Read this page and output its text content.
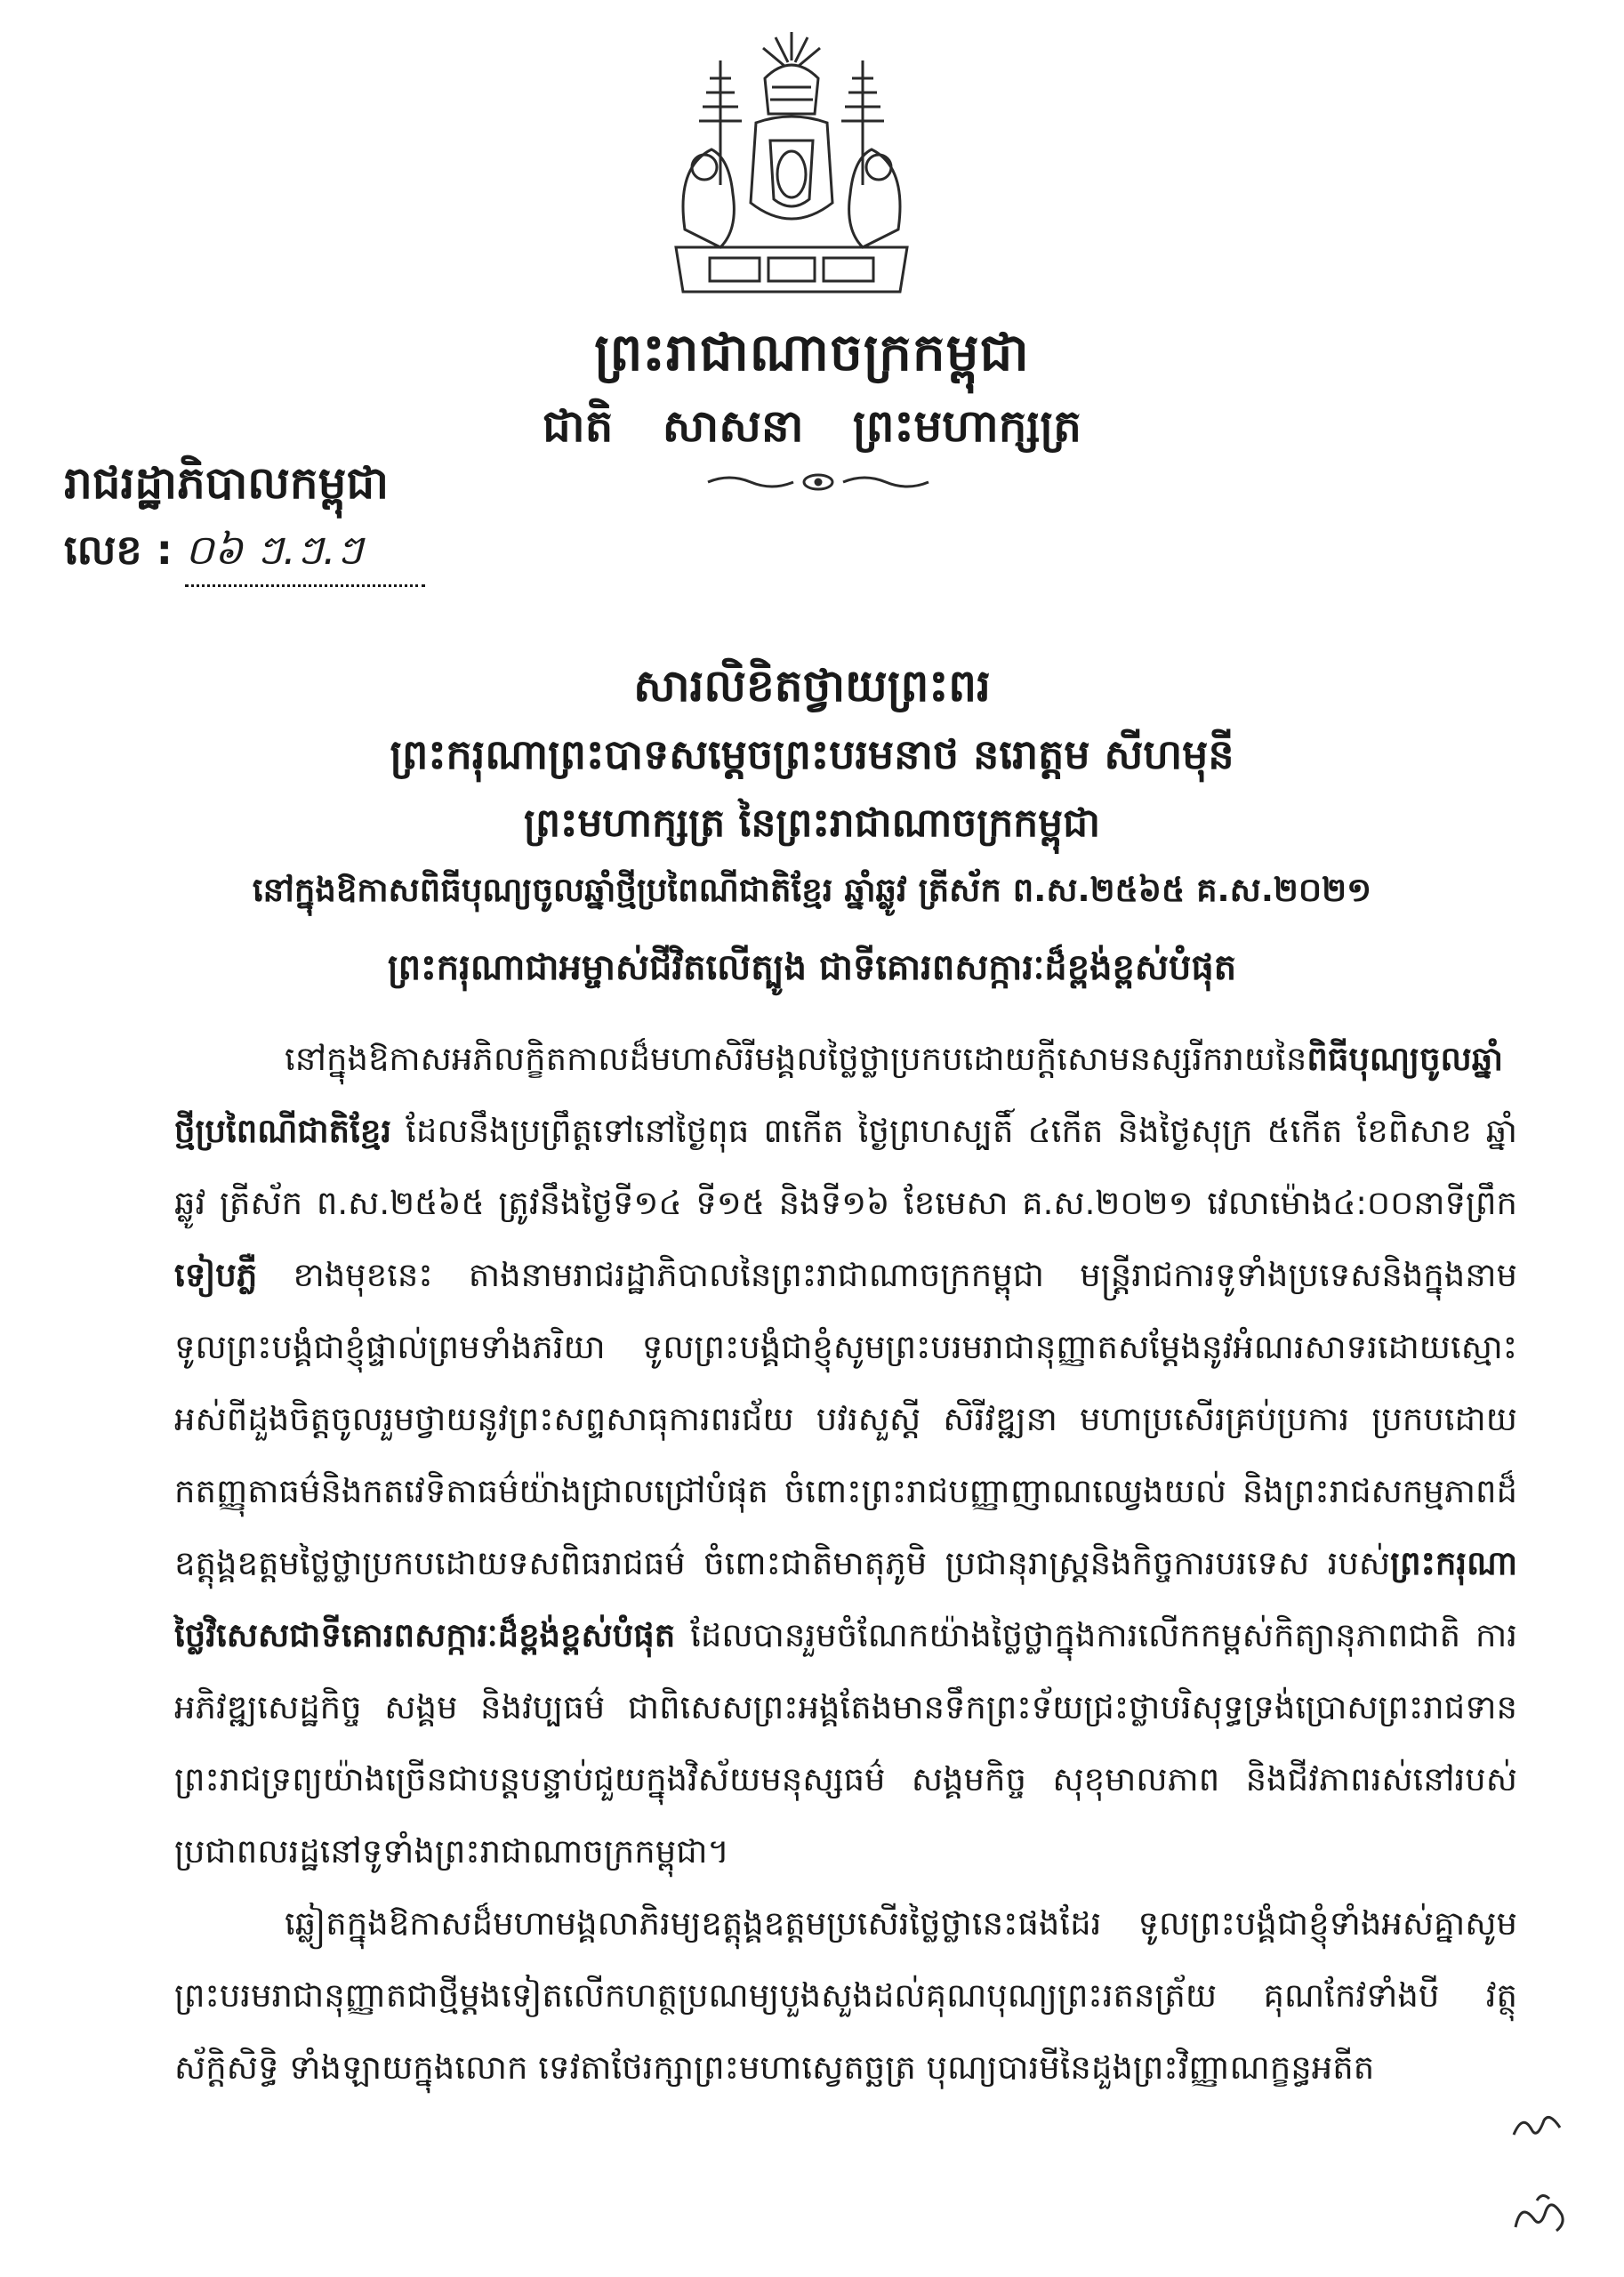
ព្រះរាជាណាចក្រកម្ពុជា
ជាតិ សាសនា ព្រះមហាក្សត្រ
រាជរដ្ឋាភិបាលកម្ពុជា
លេខ : ០៦ ៗ.ៗ.ៗ
សារលិខិតថ្វាយព្រះពរ
ព្រះករុណាព្រះបាទសម្តេចព្រះបរមនាថ នរោត្តម សីហមុនី
ព្រះមហាក្សត្រ នៃព្រះរាជាណាចក្រកម្ពុជា
នៅក្នុងឱកាសពិធីបុណ្យចូលឆ្នាំថ្មីប្រពៃណីជាតិខ្មែរ ឆ្នាំឆ្លូវ ត្រីស័ក ព.ស.២៥៦៥ គ.ស.២០២១
ព្រះករុណាជាអម្ចាស់ជីវិតលើត្បូង ជាទីគោរពសក្ការៈដ៏ខ្ពង់ខ្ពស់បំផុត

នៅក្នុងឱកាសអភិលក្ខិតកាលដ៏មហាសិរីមង្គលថ្លៃថ្លាប្រកបដោយក្តីសោមនស្សរីករាយនៃពិធីបុណ្យចូលឆ្នាំថ្មីប្រពៃណីជាតិខ្មែរ ដែលនឹងប្រព្រឹត្តទៅនៅថ្ងៃពុធ ៣កើត ថ្ងៃព្រហស្បតិ៍ ៤កើត និងថ្ងៃសុក្រ ៥កើត ខែពិសាខ ឆ្នាំឆ្លូវ ត្រីស័ក ព.ស.២៥៦៥ ត្រូវនឹងថ្ងៃទី១៤ ទី១៥ និងទី១៦ ខែមេសា គ.ស.២០២១ វេលាម៉ោង៤:០០នាទីព្រឹក ទៀបភ្លឺ ខាងមុខនេះ តាងនាមរាជរដ្ឋាភិបាលនៃព្រះរាជាណាចក្រកម្ពុជា មន្ត្រីរាជការទូទាំងប្រទេសនិងក្នុងនាមទូលព្រះបង្គំជាខ្ញុំផ្ទាល់ព្រមទាំងភរិយា ទូលព្រះបង្គំជាខ្ញុំសូមព្រះបរមរាជានុញ្ញាតសម្តែងនូវអំណរសាទរដោយស្មោះអស់ពីដួងចិត្តចូលរួមថ្វាយនូវព្រះសព្ទសាធុការពរជ័យ បវរសួស្តី សិរីវឌ្ឍនា មហាប្រសើរគ្រប់ប្រការ ប្រកបដោយកតញ្ញុតាធម៌និងកតវេទិតាធម៌យ៉ាងជ្រាលជ្រៅបំផុត ចំពោះព្រះរាជបញ្ញាញាណឈ្វេងយល់ និងព្រះរាជសកម្មភាពដ៏ឧត្តុង្គឧត្តមថ្លៃថ្លាប្រកបដោយទសពិធរាជធម៌ ចំពោះជាតិមាតុភូមិ ប្រជានុរាស្ត្រនិងកិច្ចការបរទេស របស់ព្រះករុណាថ្លៃវិសេសជាទីគោរពសក្ការៈដ៏ខ្ពង់ខ្ពស់បំផុត ដែលបានរួមចំណែកយ៉ាងថ្លៃថ្លាក្នុងការលើកកម្ពស់កិត្យានុភាពជាតិ ការអភិវឌ្ឍសេដ្ឋកិច្ច សង្គម និងវប្បធម៌ ជាពិសេសព្រះអង្គតែងមានទឹកព្រះទ័យជ្រះថ្លាបរិសុទ្ធទ្រង់ប្រោសព្រះរាជទានព្រះរាជទ្រព្យយ៉ាងច្រើនជាបន្តបន្ទាប់ជួយក្នុងវិស័យមនុស្សធម៌ សង្គមកិច្ច សុខុមាលភាព និងជីវភាពរស់នៅរបស់ប្រជាពលរដ្ឋនៅទូទាំងព្រះរាជាណាចក្រកម្ពុជា។

ឆ្លៀតក្នុងឱកាសដ៏មហាមង្គលាភិរម្យឧត្តុង្គឧត្តមប្រសើរថ្លៃថ្លានេះផងដែរ ទូលព្រះបង្គំជាខ្ញុំទាំងអស់គ្នាសូមព្រះបរមរាជានុញ្ញាតជាថ្មីម្តងទៀតលើកហត្ថប្រណម្យបួងសួងដល់គុណបុណ្យព្រះរតនត្រ័យ គុណកែវទាំងបី វត្ថុស័ក្តិសិទ្ធិ ទាំងឡាយក្នុងលោក ទេវតាថែរក្សាព្រះមហាស្វេតច្ឆត្រ បុណ្យបារមីនៃដួងព្រះវិញ្ញាណក្ខន្ធអតីត
